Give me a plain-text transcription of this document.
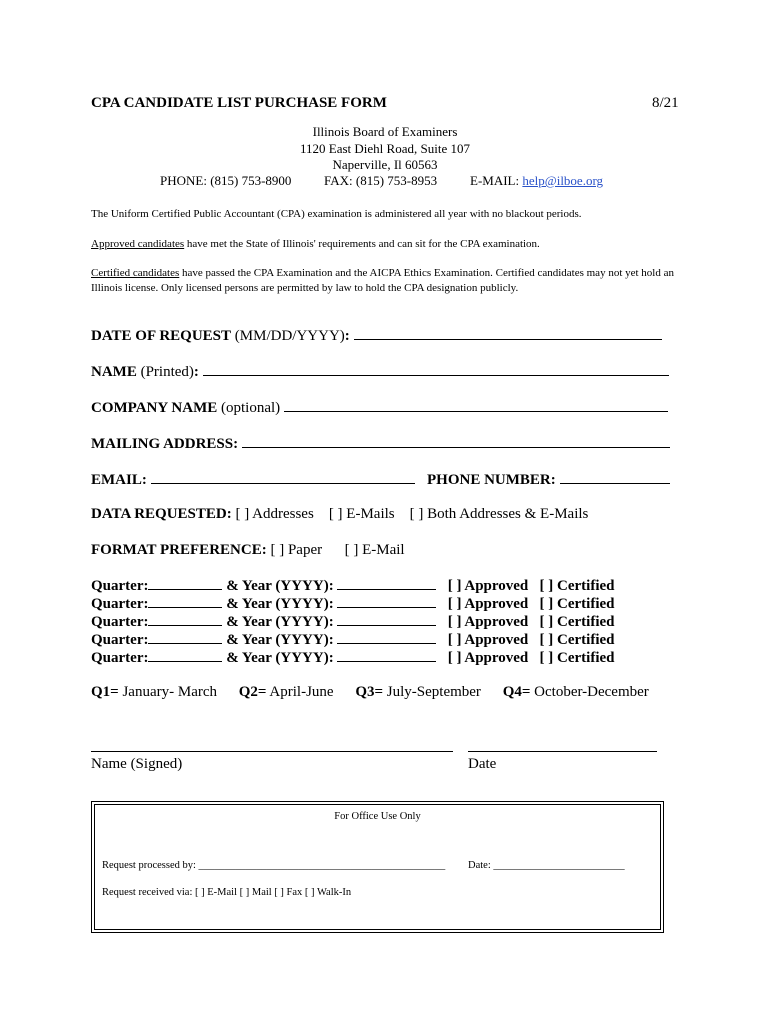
CPA CANDIDATE LIST PURCHASE FORM	8/21
Illinois Board of Examiners
1120 East Diehl Road, Suite 107
Naperville, Il 60563
PHONE: (815) 753-8900	FAX: (815) 753-8953	E-MAIL: help@ilboe.org
The Uniform Certified Public Accountant (CPA) examination is administered all year with no blackout periods.
Approved candidates have met the State of Illinois' requirements and can sit for the CPA examination.
Certified candidates have passed the CPA Examination and the AICPA Ethics Examination. Certified candidates may not yet hold an Illinois license. Only licensed persons are permitted by law to hold the CPA designation publicly.
DATE OF REQUEST (MM/DD/YYYY):
NAME (Printed):
COMPANY NAME (optional)
MAILING ADDRESS:
EMAIL:	PHONE NUMBER:
DATA REQUESTED: [ ] Addresses [ ] E-Mails [ ] Both Addresses & E-Mails
FORMAT PREFERENCE: [ ] Paper [ ] E-Mail
Quarter:	& Year (YYYY):	[ ] Approved [ ] Certified
Quarter:	& Year (YYYY):	[ ] Approved [ ] Certified
Quarter:	& Year (YYYY):	[ ] Approved [ ] Certified
Quarter:	& Year (YYYY):	[ ] Approved [ ] Certified
Quarter:	& Year (YYYY):	[ ] Approved [ ] Certified
Q1= January- March Q2= April-June Q3= July-September Q4= October-December
Name (Signed)	Date
For Office Use Only
Request processed by: _______________________________________________ Date: _________________________
Request received via: [ ] E-Mail [ ] Mail [ ] Fax [ ] Walk-In
